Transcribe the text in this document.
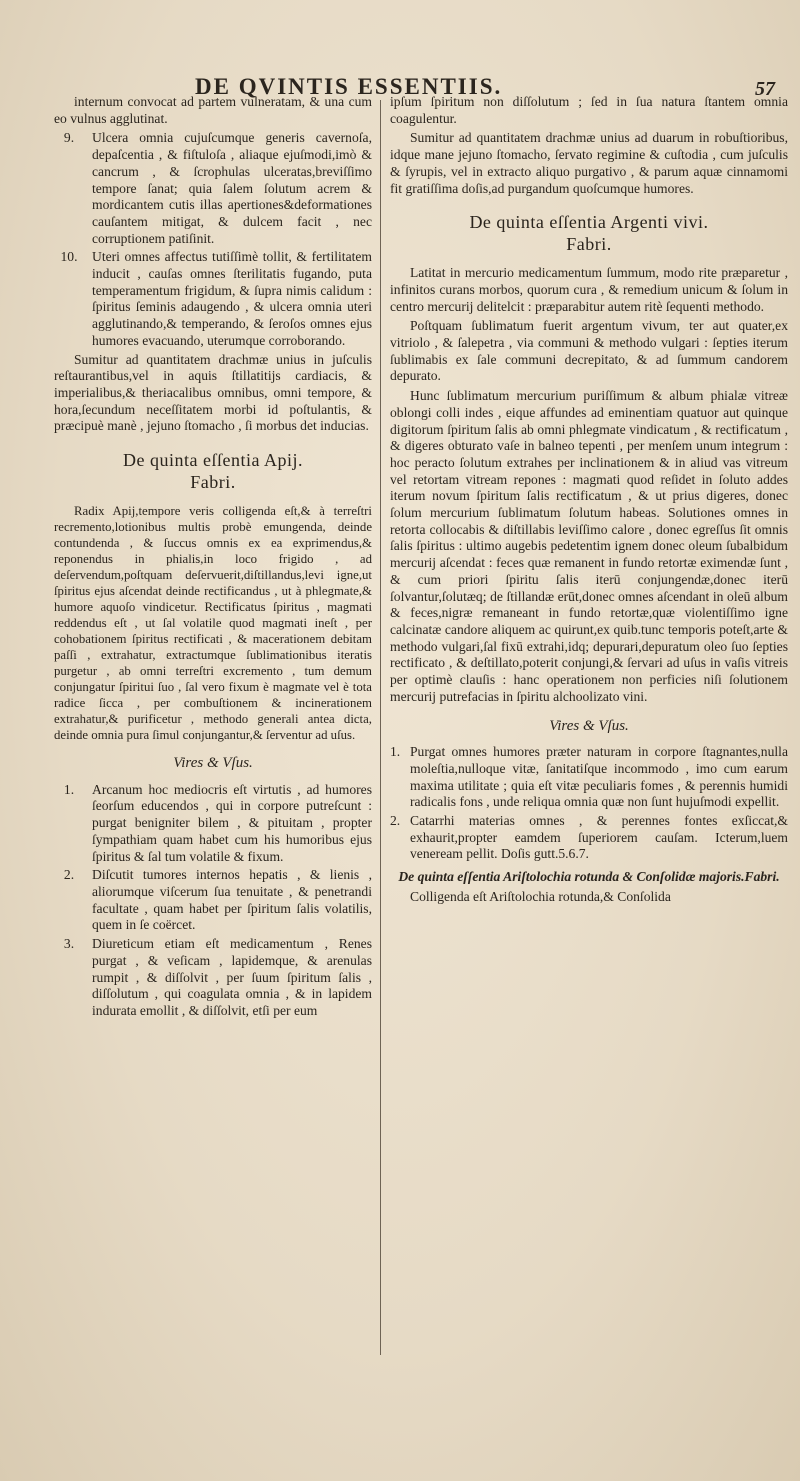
DE QVINTIS ESSENTIIS.	57

internum convocat ad partem vulneratam, & una cum eo vulnus agglutinat.

9.	Ulcera omnia cujuſcumque generis cavernoſa, depaſcentia , & fiſtuloſa , aliaque ejuſmodi,imò & cancrum , & ſcrophulas ulceratas,breviſſimo tempore ſanat; quia ſalem ſolutum acrem & mordicantem cutis illas apertiones&deformationes cauſantem mitigat, & dulcem facit , nec corruptionem patiſinit.
10.	Uteri omnes affectus tutiſſimè tollit, & fertilitatem inducit , cauſas omnes ſterilitatis fugando, puta temperamentum frigidum, & ſupra nimis calidum : ſpiritus ſeminis adaugendo , & ulcera omnia uteri agglutinando,& temperando, & ſeroſos omnes ejus humores evacuando, uterumque corroborando.

Sumitur ad quantitatem drachmæ unius in juſculis reſtaurantibus,vel in aquis ſtillatitijs cardiacis, & imperialibus,& theriacalibus omnibus, omni tempore, & hora,ſecundum neceſſitatem morbi id poſtulantis, & præcipuè manè , jejuno ſtomacho , ſi morbus det inducias.

De quinta eſſentia Apij.
Fabri.

Radix Apij,tempore veris colligenda eſt,& à terreſtri recremento,lotionibus multis probè emungenda, deinde contundenda , & ſuccus omnis ex ea exprimendus,& reponendus in phialis,in loco frigido , ad deſervendum,poſtquam deſervuerit,diſtillandus,levi igne,ut ſpiritus ejus aſcendat deinde rectificandus , ut à phlegmate,& humore aquoſo vindicetur. Rectificatus ſpiritus , magmati reddendus eſt , ut ſal volatile quod magmati ineſt , per cohobationem ſpiritus rectificati , & macerationem debitam paſſi , extrahatur, extractumque ſublimationibus iteratis purgetur , ab omni terreſtri excremento , tum demum conjungatur ſpiritui ſuo , ſal vero fixum è magmate vel è tota radice ſicca , per combuſtionem & incinerationem extrahatur,& purificetur , methodo generali antea dicta, deinde omnia pura ſimul conjungantur,& ſerventur ad uſus.

Vires & Vſus.
1.	Arcanum hoc mediocris eſt virtutis , ad humores ſeorſum educendos , qui in corpore putreſcunt : purgat benigniter bilem , & pituitam , propter ſympathiam quam habet cum his humoribus ejus ſpiritus & ſal tum volatile & fixum.
2.	Diſcutit tumores internos hepatis , & lienis , aliorumque viſcerum ſua tenuitate , & penetrandi facultate , quam habet per ſpiritum ſalis volatilis, quem in ſe coërcet.
3.	Diureticum etiam eſt medicamentum , Renes purgat , & veſicam , lapidemque, & arenulas rumpit , & diſſolvit , per ſuum ſpiritum ſalis , diſſolutum , qui coagulata omnia , & in lapidem indurata emollit , & diſſolvit, etſi per eum

ipſum ſpiritum non diſſolutum ; ſed in ſua natura ſtantem omnia coagulentur.

Sumitur ad quantitatem drachmæ unius ad duarum in robuſtioribus, idque mane jejuno ſtomacho, ſervato regimine & cuſtodia , cum juſculis & ſyrupis, vel in extracto aliquo purgativo , & parum aquæ cinnamomi fit gratiſſima doſis,ad purgandum quoſcumque humores.

De quinta eſſentia Argenti vivi.
Fabri.

Latitat in mercurio medicamentum ſummum, modo rite præparetur , infinitos curans morbos, quorum cura , & remedium unicum & ſolum in centro mercurij delitelcit : præparabitur autem ritè ſequenti methodo.

Poſtquam ſublimatum fuerit argentum vivum, ter aut quater,ex vitriolo , & ſalepetra , via communi & methodo vulgari : ſepties iterum ſublimabis ex ſale communi decrepitato, & ad ſummum candorem depurato.

Hunc ſublimatum mercurium puriſſimum & album phialæ vitreæ oblongi colli indes , eique affundes ad eminentiam quatuor aut quinque digitorum ſpiritum ſalis ab omni phlegmate vindicatum , & rectificatum , & digeres obturato vaſe in balneo tepenti , per menſem unum integrum : hoc peracto ſolutum extrahes per inclinationem & in aliud vas vitreum vel retortam vitream repones : magmati quod reſidet in ſoluto addes iterum novum ſpiritum ſalis rectificatum , & ut prius digeres, donec ſolum mercurium ſublimatum ſolutum habeas. Solutiones omnes in retorta collocabis & diſtillabis leviſſimo calore , donec egreſſus ſit omnis ſalis ſpiritus : ultimo augebis pedetentim ignem donec oleum ſubalbidum mercurij aſcendat : feces quæ remanent in fundo retortæ eximendæ ſunt , & cum priori ſpiritu ſalis iterū conjungendæ,donec iterū ſolvantur,ſolutæq; de ſtillandæ erūt,donec omnes aſcendant in oleū album & feces,nigræ remaneant in fundo retortæ,quæ violentiſſimo igne calcinatæ candore aliquem ac quirunt,ex quib.tunc temporis poteſt,arte & methodo vulgari,ſal fixū extrahi,idq; depurari,depuratum oleo ſuo ſepties rectificato , & deſtillato,poterit conjungi,& ſervari ad uſus in vaſis vitreis per optimè clauſis : hanc operationem non perficies niſi ſolutionem mercurij putrefacias in ſpiritu alchoolizato vini.

Vires & Vſus.
1. Purgat omnes humores præter naturam in corpore ſtagnantes,nulla moleſtia,nulloque vitæ, ſanitatiſque incommodo , imo cum earum maxima utilitate ; quia eſt vitæ peculiaris fomes , & perennis humidi radicalis fons , unde reliqua omnia quæ non ſunt hujuſmodi expellit.
2. Catarrhi materias omnes , & perennes fontes exſiccat,& exhaurit,propter eamdem ſuperiorem cauſam. Icterum,luem veneream pellit. Doſis gutt.5.6.7.
De quinta eſſentia Ariſtolochia rotunda & Conſolidæ majoris.Fabri.

Colligenda eſt Ariſtolochia rotunda,& Conſolida
